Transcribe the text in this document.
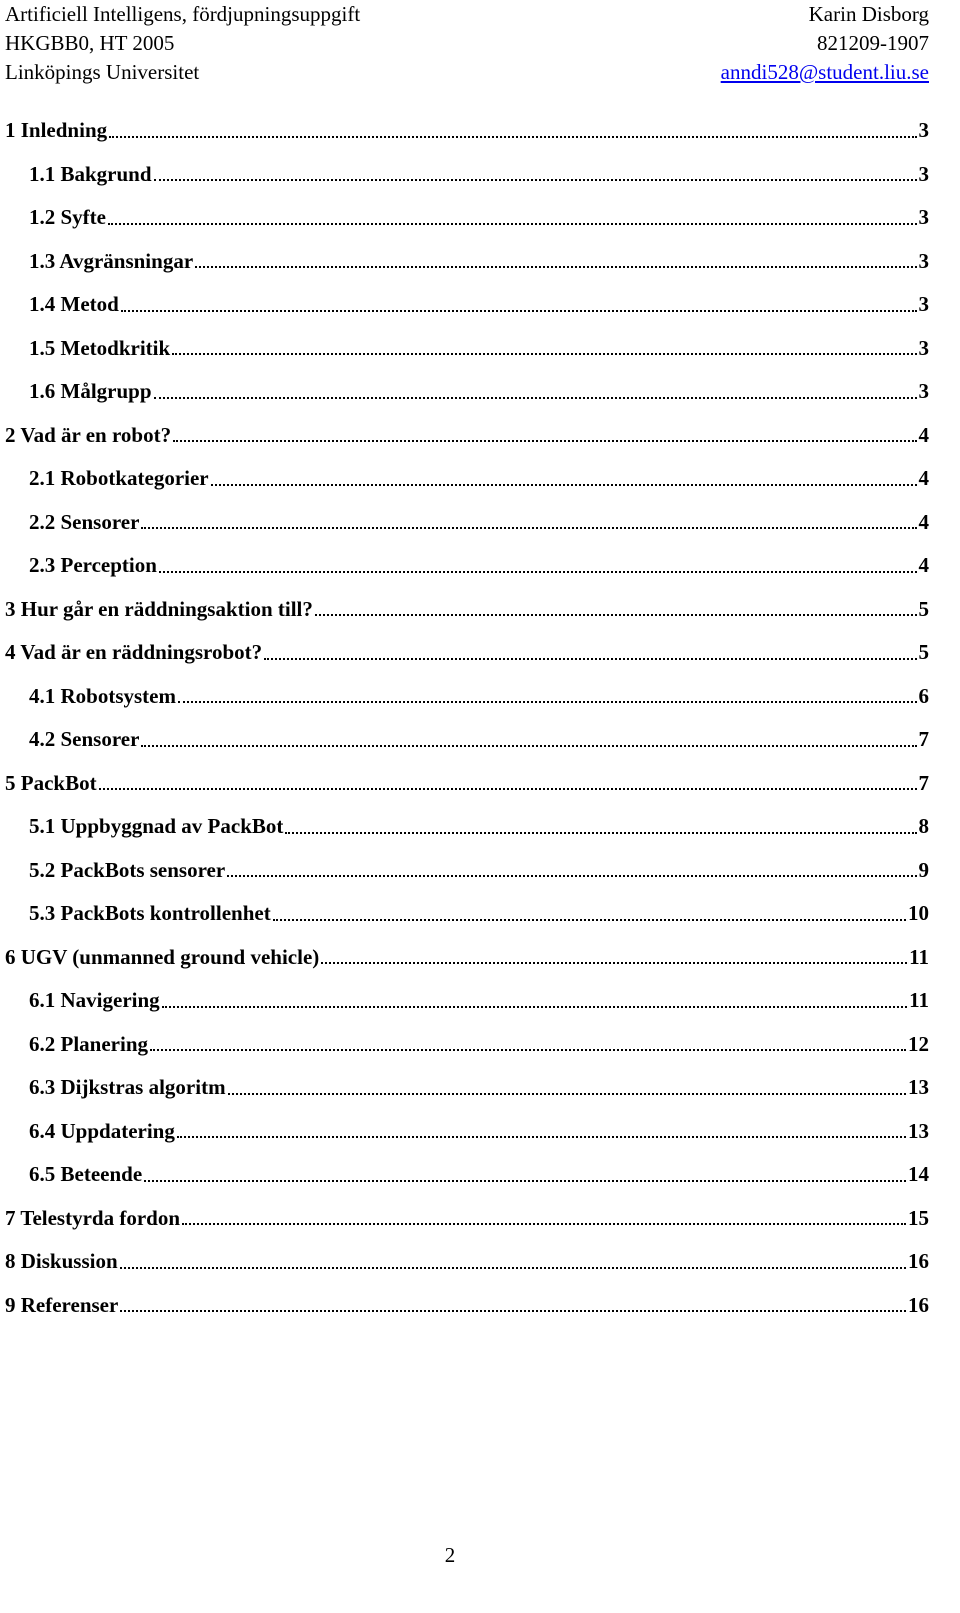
Artificiell Intelligens, fördjupningsuppgift	Karin Disborg
HKGBB0, HT 2005	821209-1907
Linköpings Universitet	anndi528@student.liu.se
1 Inledning	3
1.1 Bakgrund	3
1.2 Syfte	3
1.3 Avgränsningar	3
1.4 Metod	3
1.5 Metodkritik	3
1.6 Målgrupp	3
2 Vad är en robot?	4
2.1 Robotkategorier	4
2.2 Sensorer	4
2.3 Perception	4
3 Hur går en räddningsaktion till?	5
4 Vad är en räddningsrobot?	5
4.1 Robotsystem	6
4.2 Sensorer	7
5 PackBot	7
5.1 Uppbyggnad av PackBot	8
5.2 PackBots sensorer	9
5.3 PackBots kontrollenhet	10
6 UGV (unmanned ground vehicle)	11
6.1 Navigering	11
6.2 Planering	12
6.3 Dijkstras algoritm	13
6.4 Uppdatering	13
6.5 Beteende	14
7 Telestyrda fordon	15
8 Diskussion	16
9 Referenser	16
2
